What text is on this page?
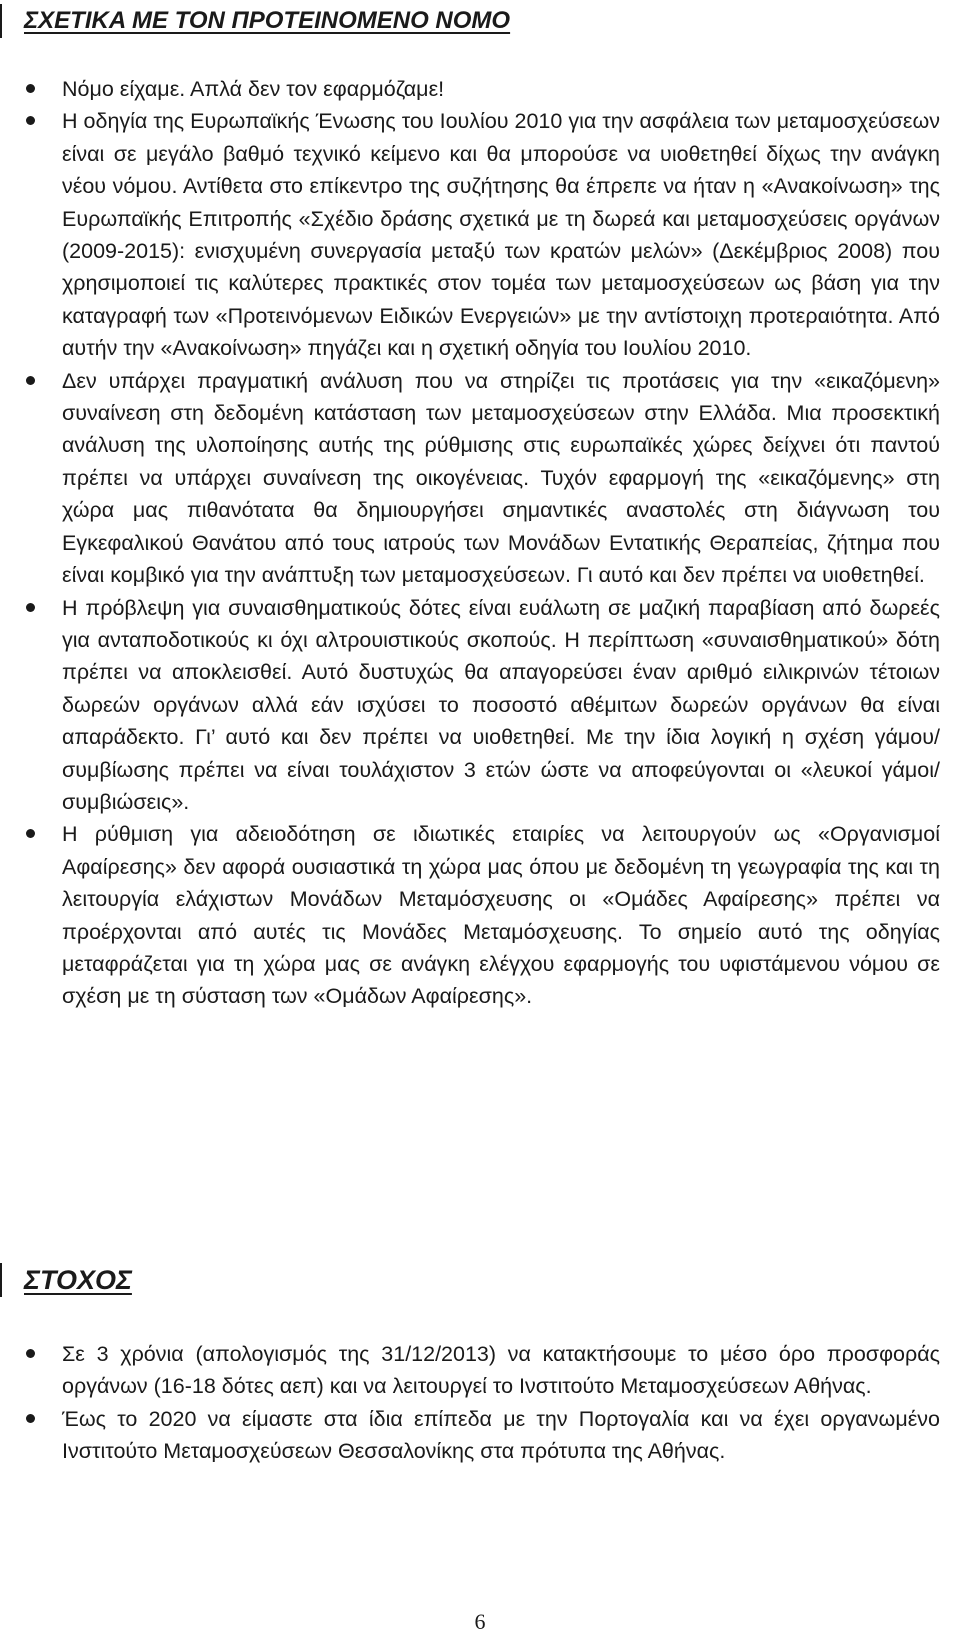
ΣΧΕΤΙΚΑ ΜΕ ΤΟΝ ΠΡΟΤΕΙΝΟΜΕΝΟ ΝΟΜΟ
Νόμο είχαμε. Απλά δεν τον εφαρμόζαμε!
Η οδηγία της Ευρωπαϊκής Ένωσης του Ιουλίου 2010 για την ασφάλεια των μεταμοσχεύσεων είναι σε μεγάλο βαθμό τεχνικό κείμενο και θα μπορούσε να υιοθετηθεί δίχως την ανάγκη νέου νόμου. Αντίθετα στο επίκεντρο της συζήτησης θα έπρεπε να ήταν η «Ανακοίνωση» της Ευρωπαϊκής Επιτροπής «Σχέδιο δράσης σχετικά με τη δωρεά και μεταμοσχεύσεις οργάνων (2009-2015): ενισχυμένη συνεργασία μεταξύ των κρατών μελών» (Δεκέμβριος 2008) που χρησιμοποιεί τις καλύτερες πρακτικές στον τομέα των μεταμοσχεύσεων ως βάση για την καταγραφή των «Προτεινόμενων Ειδικών Ενεργειών» με την αντίστοιχη προτεραιότητα. Από αυτήν την «Ανακοίνωση» πηγάζει και η σχετική οδηγία του Ιουλίου 2010.
Δεν υπάρχει πραγματική ανάλυση που να στηρίζει τις προτάσεις για την «εικαζόμενη» συναίνεση στη δεδομένη κατάσταση των μεταμοσχεύσεων στην Ελλάδα. Μια προσεκτική ανάλυση της υλοποίησης αυτής της ρύθμισης στις ευρωπαϊκές χώρες δείχνει ότι παντού πρέπει να υπάρχει συναίνεση της οικογένειας. Τυχόν εφαρμογή της «εικαζόμενης» στη χώρα μας πιθανότατα θα δημιουργήσει σημαντικές αναστολές στη διάγνωση του Εγκεφαλικού Θανάτου από τους ιατρούς των Μονάδων Εντατικής Θεραπείας, ζήτημα που είναι κομβικό για την ανάπτυξη των μεταμοσχεύσεων. Γι αυτό και δεν πρέπει να υιοθετηθεί.
Η πρόβλεψη για συναισθηματικούς δότες είναι ευάλωτη σε μαζική παραβίαση από δωρεές για ανταποδοτικούς κι όχι αλτρουιστικούς σκοπούς. Η περίπτωση «συναισθηματικού» δότη πρέπει να αποκλεισθεί. Αυτό δυστυχώς θα απαγορεύσει έναν αριθμό ειλικρινών τέτοιων δωρεών οργάνων αλλά εάν ισχύσει το ποσοστό αθέμιτων δωρεών οργάνων θα είναι απαράδεκτο. Γι’ αυτό και δεν πρέπει να υιοθετηθεί. Με την ίδια λογική η σχέση γάμου/συμβίωσης πρέπει να είναι τουλάχιστον 3 ετών ώστε να αποφεύγονται οι «λευκοί γάμοι/συμβιώσεις».
Η ρύθμιση για αδειοδότηση σε ιδιωτικές εταιρίες να λειτουργούν ως «Οργανισμοί Αφαίρεσης» δεν αφορά ουσιαστικά τη χώρα μας όπου με δεδομένη τη γεωγραφία της και τη λειτουργία ελάχιστων Μονάδων Μεταμόσχευσης οι «Ομάδες Αφαίρεσης» πρέπει να προέρχονται από αυτές τις Μονάδες Μεταμόσχευσης. Το σημείο αυτό της οδηγίας μεταφράζεται για τη χώρα μας σε ανάγκη ελέγχου εφαρμογής του υφιστάμενου νόμου σε σχέση με τη σύσταση των «Ομάδων Αφαίρεσης».
ΣΤΟΧΟΣ
Σε 3 χρόνια (απολογισμός της 31/12/2013) να κατακτήσουμε το μέσο όρο προσφοράς οργάνων (16-18 δότες αεπ) και να λειτουργεί το Ινστιτούτο Μεταμοσχεύσεων Αθήνας.
Έως το 2020 να είμαστε στα ίδια επίπεδα με την Πορτογαλία και να έχει οργανωμένο Ινστιτούτο Μεταμοσχεύσεων Θεσσαλονίκης στα πρότυπα της Αθήνας.
6
